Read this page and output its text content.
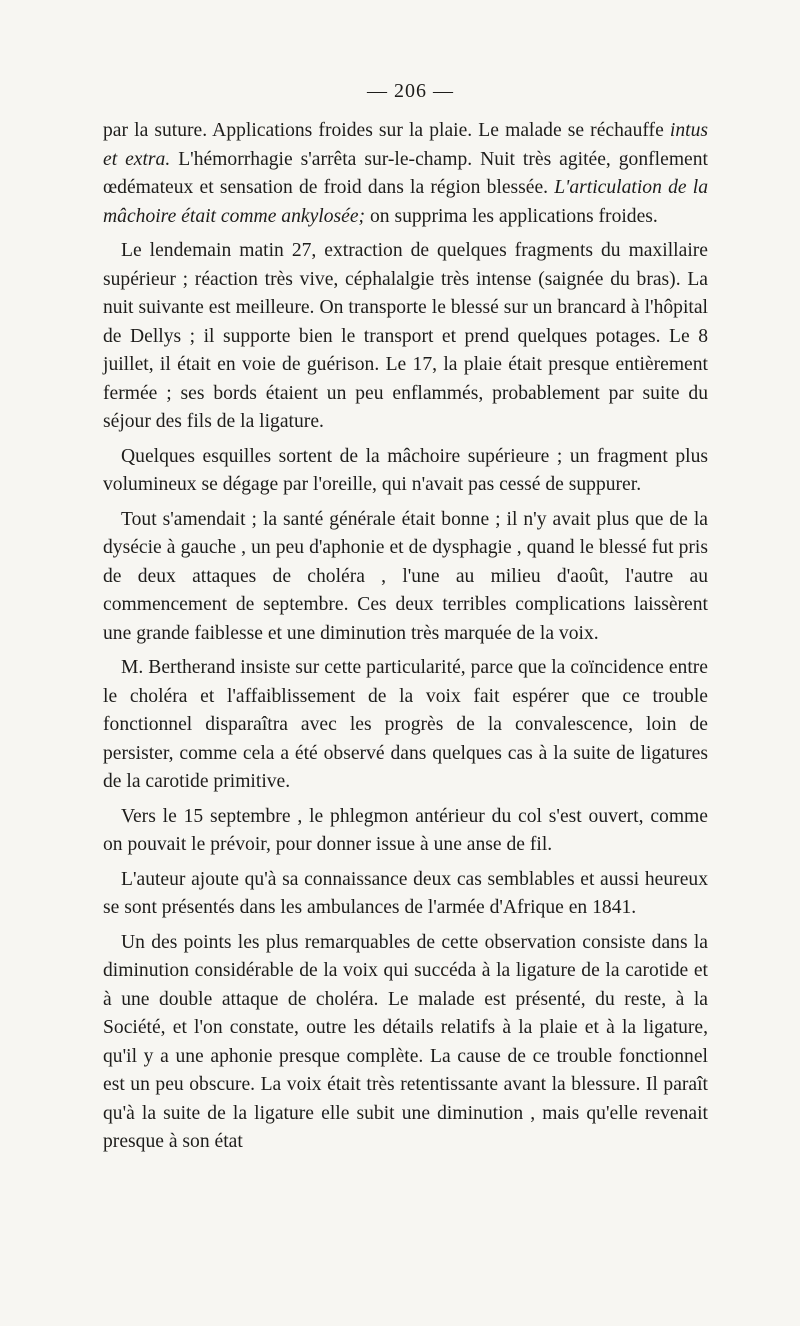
— 206 —

par la suture. Applications froides sur la plaie. Le malade se réchauffe intus et extra. L'hémorrhagie s'arrêta sur-le-champ. Nuit très agitée, gonflement œdémateux et sensation de froid dans la région blessée. L'articulation de la mâchoire était comme ankylosée; on supprima les applications froides.

Le lendemain matin 27, extraction de quelques fragments du maxillaire supérieur ; réaction très vive, céphalalgie très intense (saignée du bras). La nuit suivante est meilleure. On transporte le blessé sur un brancard à l'hôpital de Dellys ; il supporte bien le transport et prend quelques potages. Le 8 juillet, il était en voie de guérison. Le 17, la plaie était presque entièrement fermée ; ses bords étaient un peu enflammés, probablement par suite du séjour des fils de la ligature.

Quelques esquilles sortent de la mâchoire supérieure ; un fragment plus volumineux se dégage par l'oreille, qui n'avait pas cessé de suppurer.

Tout s'amendait ; la santé générale était bonne ; il n'y avait plus que de la dysécie à gauche , un peu d'aphonie et de dysphagie , quand le blessé fut pris de deux attaques de choléra , l'une au milieu d'août, l'autre au commencement de septembre. Ces deux terribles complications laissèrent une grande faiblesse et une diminution très marquée de la voix.

M. Bertherand insiste sur cette particularité, parce que la coïncidence entre le choléra et l'affaiblissement de la voix fait espérer que ce trouble fonctionnel disparaîtra avec les progrès de la convalescence, loin de persister, comme cela a été observé dans quelques cas à la suite de ligatures de la carotide primitive.

Vers le 15 septembre , le phlegmon antérieur du col s'est ouvert, comme on pouvait le prévoir, pour donner issue à une anse de fil.

L'auteur ajoute qu'à sa connaissance deux cas semblables et aussi heureux se sont présentés dans les ambulances de l'armée d'Afrique en 1841.

Un des points les plus remarquables de cette observation consiste dans la diminution considérable de la voix qui succéda à la ligature de la carotide et à une double attaque de choléra. Le malade est présenté, du reste, à la Société, et l'on constate, outre les détails relatifs à la plaie et à la ligature, qu'il y a une aphonie presque complète. La cause de ce trouble fonctionnel est un peu obscure. La voix était très retentissante avant la blessure. Il paraît qu'à la suite de la ligature elle subit une diminution , mais qu'elle revenait presque à son état
